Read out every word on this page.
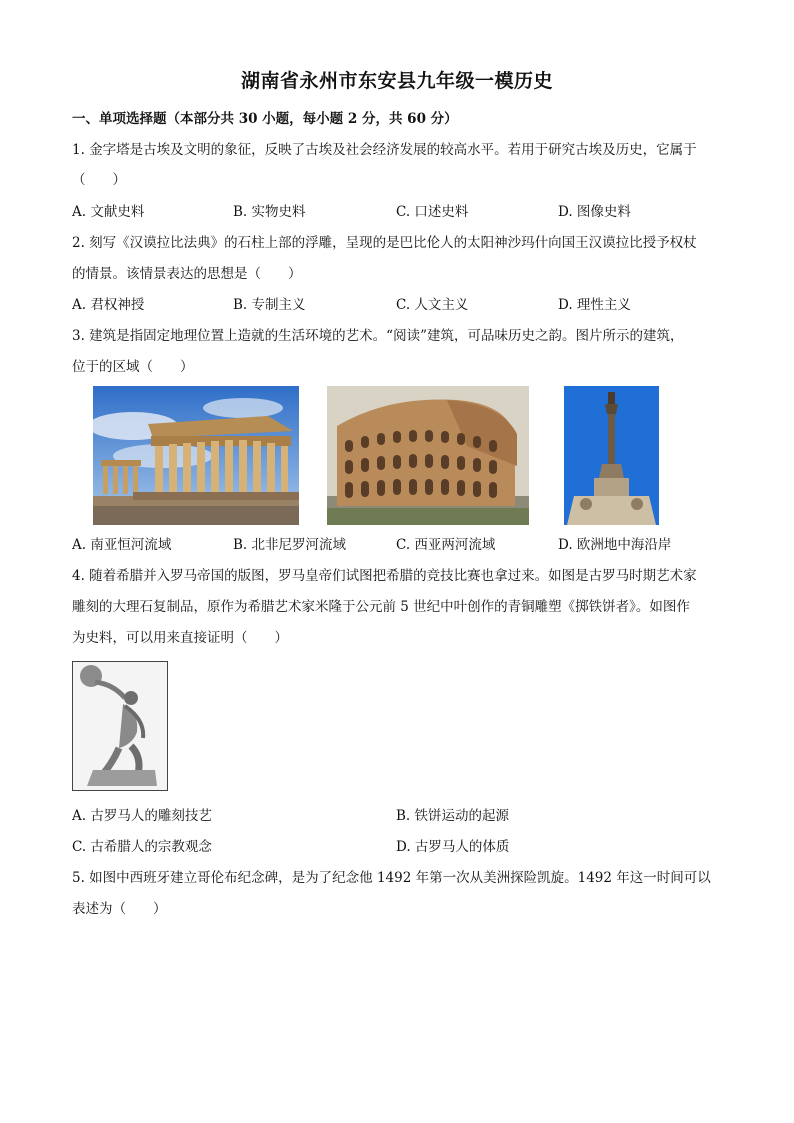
湖南省永州市东安县九年级一模历史
一、单项选择题（本部分共 30 小题，每小题 2 分，共 60 分）
1. 金字塔是古埃及文明的象征，反映了古埃及社会经济发展的较高水平。若用于研究古埃及历史，它属于
（　　）
A. 文献史料	B. 实物史料	C. 口述史料	D. 图像史料
2. 刻写《汉谟拉比法典》的石柱上部的浮雕，呈现的是巴比伦人的太阳神沙玛什向国王汉谟拉比授予权杖
的情景。该情景表达的思想是（　　）
A. 君权神授	B. 专制主义	C. 人文主义	D. 理性主义
3. 建筑是指固定地理位置上造就的生活环境的艺术。“阅读”建筑，可品味历史之韵。图片所示的建筑，
位于的区域（　　）
A. 南亚恒河流域	B. 北非尼罗河流域	C. 西亚两河流域	D. 欧洲地中海沿岸
4. 随着希腊并入罗马帝国的版图，罗马皇帝们试图把希腊的竞技比赛也拿过来。如图是古罗马时期艺术家
雕刻的大理石复制品，原作为希腊艺术家米隆于公元前 5 世纪中叶创作的青铜雕塑《掷铁饼者》。如图作
为史料，可以用来直接证明（　　）
A. 古罗马人的雕刻技艺	B. 铁饼运动的起源
C. 古希腊人的宗教观念	D. 古罗马人的体质
5. 如图中西班牙建立哥伦布纪念碑，是为了纪念他 1492 年第一次从美洲探险凯旋。1492 年这一时间可以
表述为（　　）
